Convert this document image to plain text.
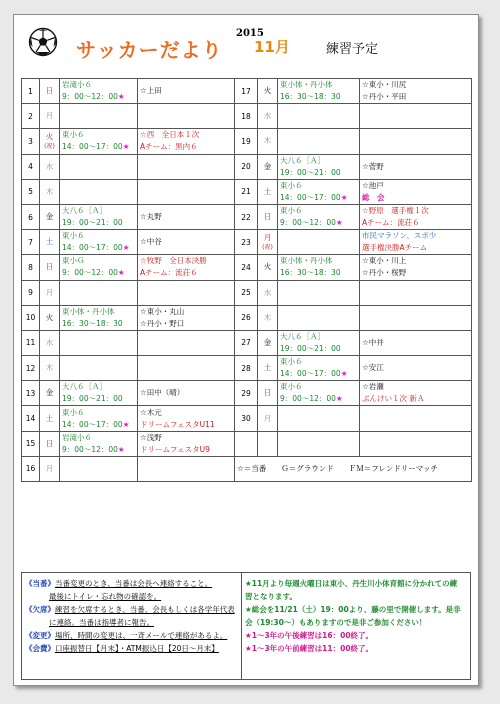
サッカーだより
2015
11月	練習予定
1	日	岩滝小６
9：00～12：00★	☆上田	17	火	東小体・丹小体
16：30～18：30	☆東小・川尻
☆丹小・平田

2	月			18	水		

3	火
(祝)	東小６
14：00～17：00★	☆西　全日本１次
Aチーム：黒内６	19	木		

4	水			20	金	大八６［Ａ］
19：00～21：00	☆菅野

5	木			21	土	東小６
14：00～17：00★	☆池戸
総　会

6	金	大八６［Ａ］
19：00～21：00	☆丸野	22	日	東小６
9：00～12：00★	☆野原　選手権１次
Aチーム：流荘６

7	土	東小６
14：00～17：00★	☆中谷	23	月
(祝)		市民マラソン、スポ少
選手権決勝Aチーム

8	日	東小Ｇ
9：00～12：00★	☆牧野　全日本決勝
Aチーム：流荘６	24	火	東小体・丹小体
16：30～18：30	☆東小・川上
☆丹小・桜野

9	月			25	水		

10	火	東小体・丹小体
16：30～18：30	☆東小・丸山
☆丹小・野口	26	木		

11	水			27	金	大八６［Ａ］
19：00～21：00	☆中井

12	木			28	土	東小６
14：00～17：00★	☆安江

13	金	大八６［Ａ］
19：00～21：00	☆田中（晴）	29	日	東小６
9：00～12：00★	☆岩瀬
ぶんけい１次 新Ａ

14	土	東小６
14：00～17：00★	☆木元
ドリームフェスタU11	30	月		

15	日	岩滝小６
9：00～12：00★	☆浅野
ドリームフェスタU9				

16	月			☆＝当番　　Ｇ＝グラウンド　　ＦＭ＝フレンドリーマッチ			
《当番》当番変更のとき、当番は会長へ連絡すること。
最後にトイレ・忘れ物の確認を。
《欠席》練習を欠席するとき、当番、会長もしくは各学年代表
に連絡。当番は指導者に報告。
《変更》場所、時間の変更は、一斉メールで連絡があるよ。
《会費》口座振替日【月末】・ATM振込日【20日～月末】
★11月より毎週火曜日は東小、丹生川小体育館に分かれての練
習となります。
★総会を11/21（土）19：00より、藤の里で開催します。是非
会（19:30～）もありますので是非ご参加ください！
★1～3年の午後練習は16：00終了。
★1～3年の午前練習は11：00終了。
